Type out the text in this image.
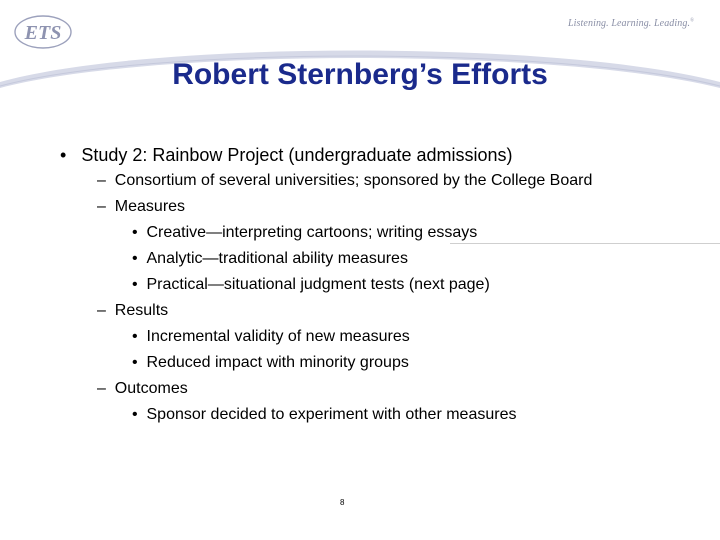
ETS	Listening. Learning. Leading.®
Robert Sternberg’s Efforts
• Study 2: Rainbow Project (undergraduate admissions)
– Consortium of several universities; sponsored by the College Board
– Measures
• Creative—interpreting cartoons; writing essays
• Analytic—traditional ability measures
• Practical—situational judgment tests (next page)
– Results
• Incremental validity of new measures
• Reduced impact with minority groups
– Outcomes
• Sponsor decided to experiment with other measures
8
